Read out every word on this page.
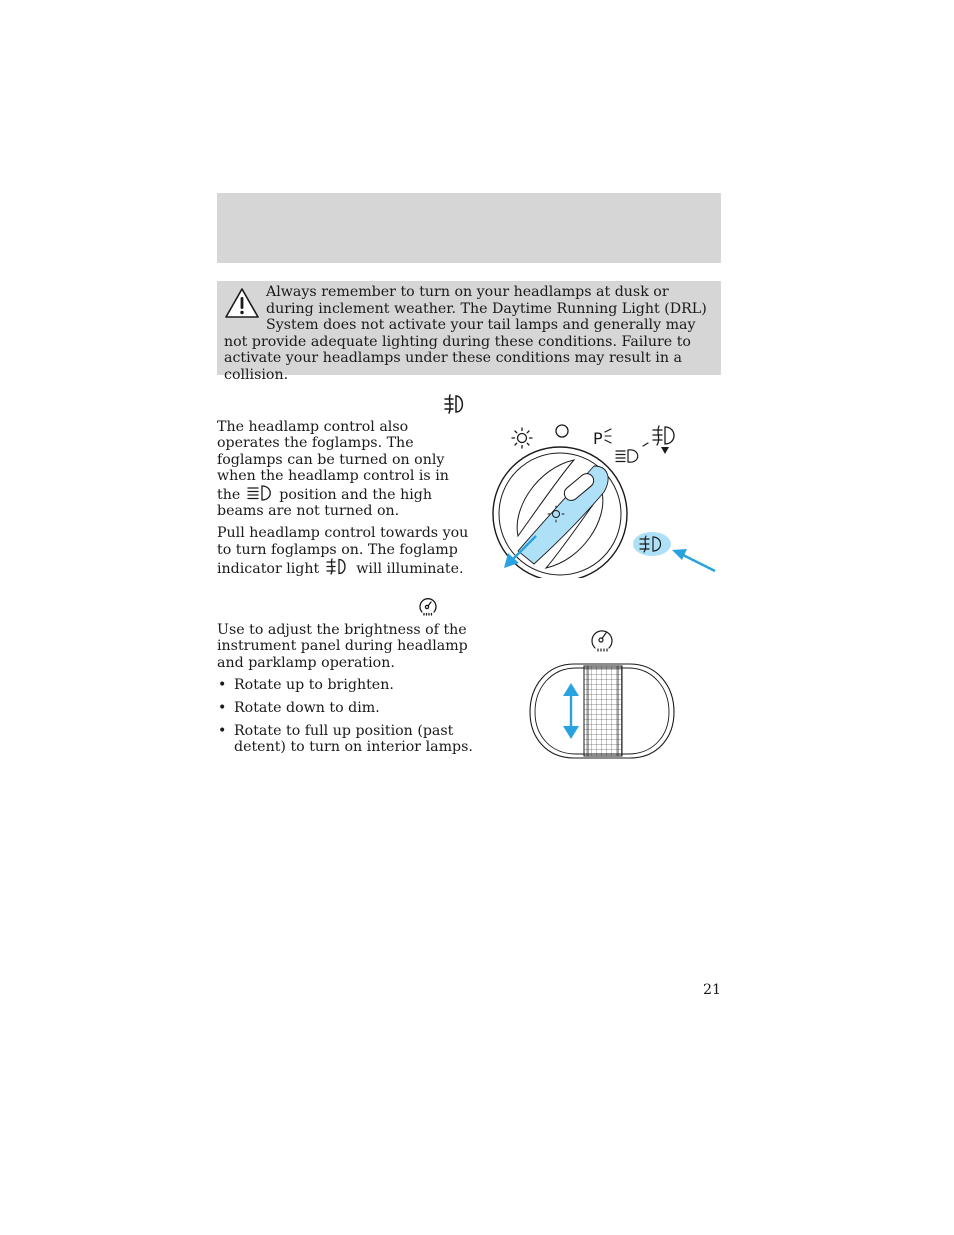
Always remember to turn on your headlamps at dusk or during inclement weather. The Daytime Running Light (DRL) System does not activate your tail lamps and generally may not provide adequate lighting during these conditions. Failure to activate your headlamps under these conditions may result in a collision.

The headlamp control also operates the foglamps. The foglamps can be turned on only when the headlamp control is in the	position and the high beams are not turned on.

Pull headlamp control towards you to turn foglamps on. The foglamp indicator light	will illuminate.

P

Use to adjust the brightness of the instrument panel during headlamp and parklamp operation.

• Rotate up to brighten.
• Rotate down to dim.
• Rotate to full up position (past detent) to turn on interior lamps.
21
